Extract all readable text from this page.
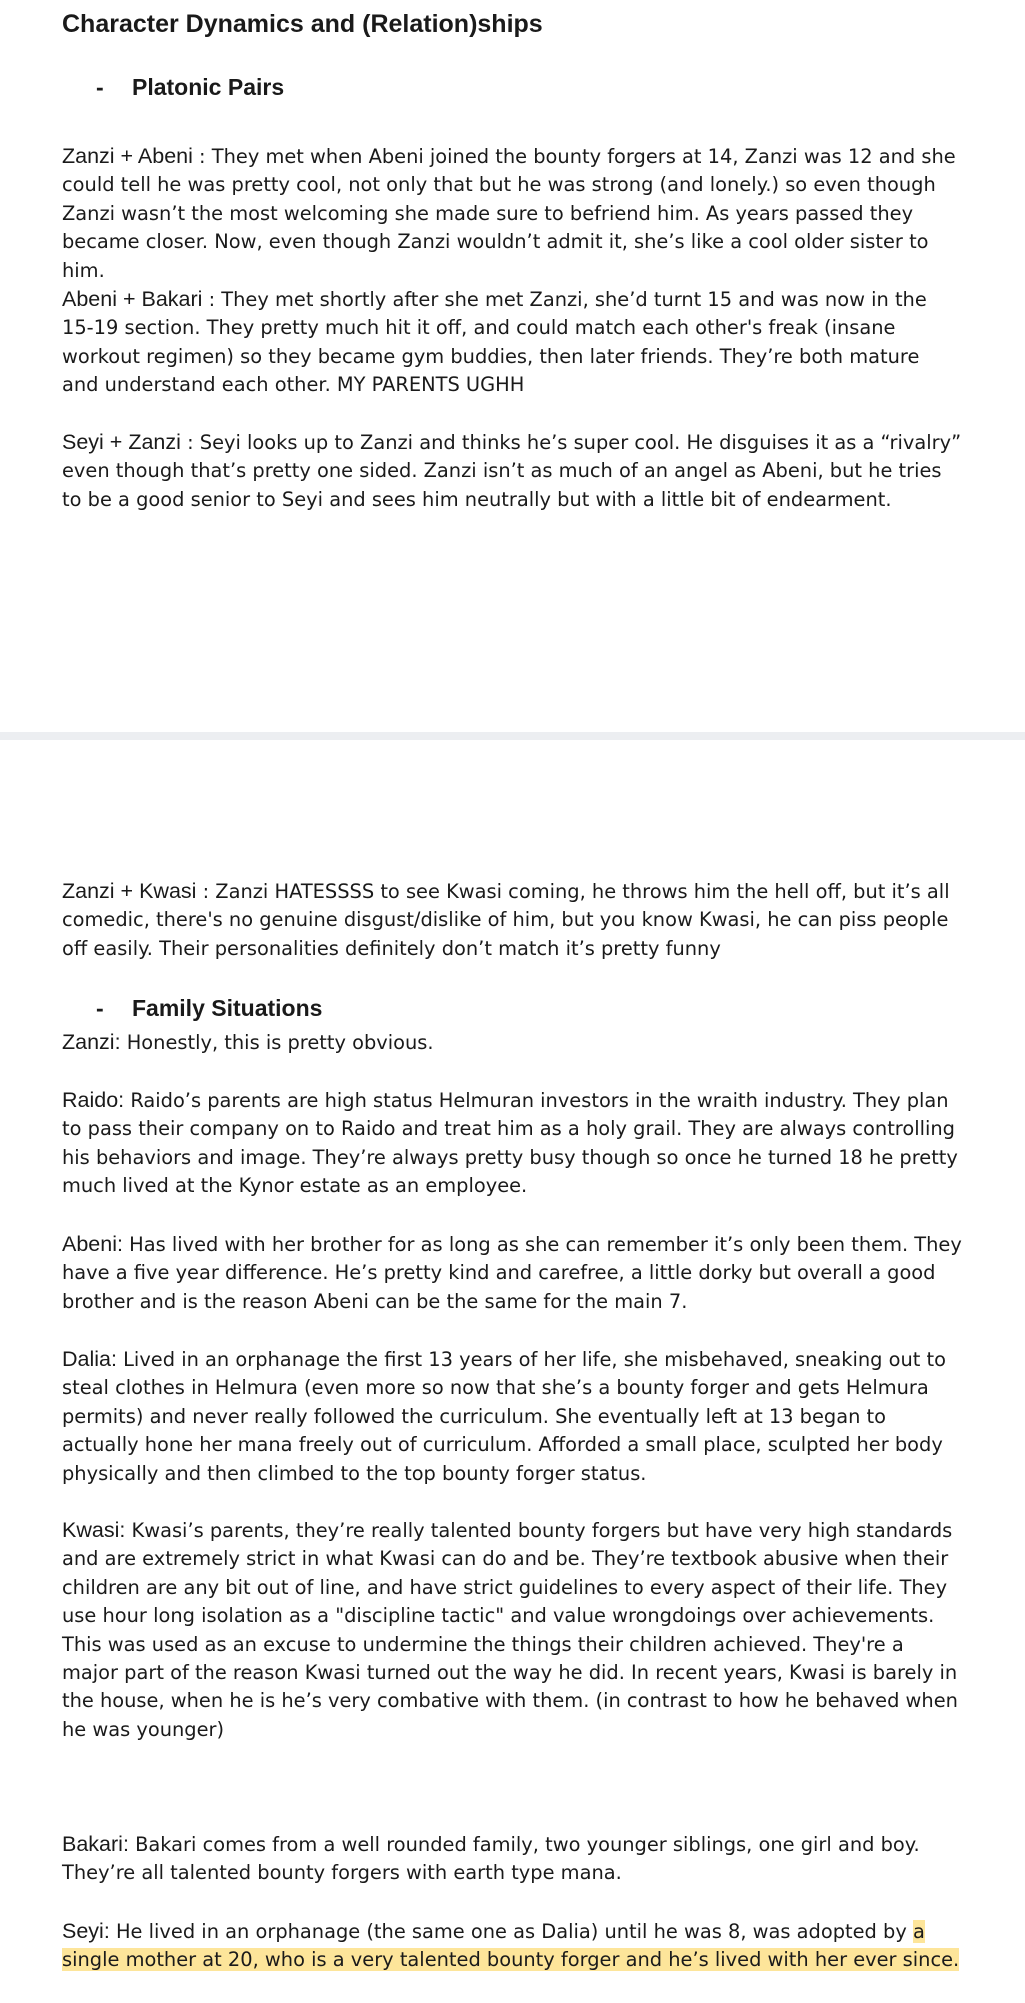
Character Dynamics and (Relation)ships
- Platonic Pairs

Zanzi + Abeni : They met when Abeni joined the bounty forgers at 14, Zanzi was 12 and she could tell he was pretty cool, not only that but he was strong (and lonely.) so even though Zanzi wasn’t the most welcoming she made sure to befriend him. As years passed they became closer. Now, even though Zanzi wouldn’t admit it, she’s like a cool older sister to him.

Abeni + Bakari : They met shortly after she met Zanzi, she’d turnt 15 and was now in the 15-19 section. They pretty much hit it off, and could match each other's freak (insane workout regimen) so they became gym buddies, then later friends. They’re both mature and understand each other. MY PARENTS UGHH

Seyi + Zanzi : Seyi looks up to Zanzi and thinks he’s super cool. He disguises it as a “rivalry” even though that’s pretty one sided. Zanzi isn’t as much of an angel as Abeni, but he tries to be a good senior to Seyi and sees him neutrally but with a little bit of endearment.

Zanzi + Kwasi : Zanzi HATESSSS to see Kwasi coming, he throws him the hell off, but it’s all comedic, there's no genuine disgust/dislike of him, but you know Kwasi, he can piss people off easily. Their personalities definitely don’t match it’s pretty funny

- Family Situations

Zanzi: Honestly, this is pretty obvious.

Raido: Raido’s parents are high status Helmuran investors in the wraith industry. They plan to pass their company on to Raido and treat him as a holy grail. They are always controlling his behaviors and image. They’re always pretty busy though so once he turned 18 he pretty much lived at the Kynor estate as an employee.

Abeni: Has lived with her brother for as long as she can remember it’s only been them. They have a five year difference. He’s pretty kind and carefree, a little dorky but overall a good brother and is the reason Abeni can be the same for the main 7.

Dalia: Lived in an orphanage the first 13 years of her life, she misbehaved, sneaking out to steal clothes in Helmura (even more so now that she’s a bounty forger and gets Helmura permits) and never really followed the curriculum. She eventually left at 13 began to actually hone her mana freely out of curriculum. Afforded a small place, sculpted her body physically and then climbed to the top bounty forger status.

Kwasi: Kwasi’s parents, they’re really talented bounty forgers but have very high standards and are extremely strict in what Kwasi can do and be. They’re textbook abusive when their children are any bit out of line, and have strict guidelines to every aspect of their life. They use hour long isolation as a "discipline tactic" and value wrongdoings over achievements. This was used as an excuse to undermine the things their children achieved. They're a major part of the reason Kwasi turned out the way he did. In recent years, Kwasi is barely in the house, when he is he’s very combative with them. (in contrast to how he behaved when he was younger)

Bakari: Bakari comes from a well rounded family, two younger siblings, one girl and boy. They’re all talented bounty forgers with earth type mana.

Seyi: He lived in an orphanage (the same one as Dalia) until he was 8, was adopted by a single mother at 20, who is a very talented bounty forger and he’s lived with her ever since.
